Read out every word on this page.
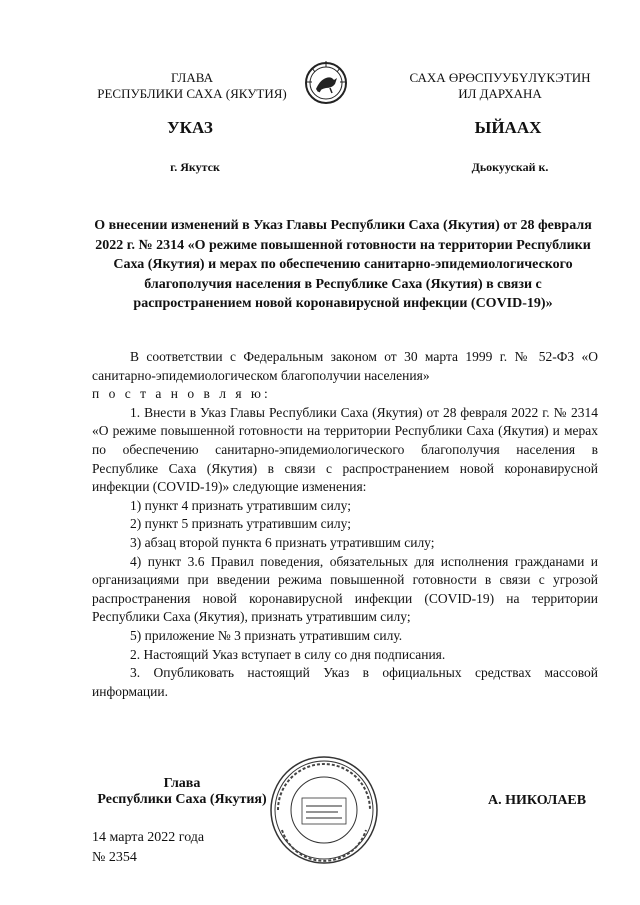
ГЛАВА
РЕСПУБЛИКИ САХА (ЯКУТИЯ)
САХА ӨРӨСПУУБҮЛҮКЭТИН
ИЛ ДАРХАНА
УКАЗ	ЫЙААХ
г. Якутск	Дьокуускай к.
О внесении изменений в Указ Главы Республики Саха (Якутия) от 28 февраля 2022 г. № 2314 «О режиме повышенной готовности на территории Республики Саха (Якутия) и мерах по обеспечению санитарно-эпидемиологического благополучия населения в Республике Саха (Якутия) в связи с распространением новой коронавирусной инфекции (COVID-19)»

В соответствии с Федеральным законом от 30 марта 1999 г. № 52-ФЗ «О санитарно-эпидемиологическом благополучии населения»

п о с т а н о в л я ю:

1. Внести в Указ Главы Республики Саха (Якутия) от 28 февраля 2022 г. № 2314 «О режиме повышенной готовности на территории Республики Саха (Якутия) и мерах по обеспечению санитарно-эпидемиологического благополучия населения в Республике Саха (Якутия) в связи с распространением новой коронавирусной инфекции (COVID-19)» следующие изменения:

1) пункт 4 признать утратившим силу;

2) пункт 5 признать утратившим силу;

3) абзац второй пункта 6 признать утратившим силу;

4) пункт 3.6 Правил поведения, обязательных для исполнения гражданами и организациями при введении режима повышенной готовности в связи с угрозой распространения новой коронавирусной инфекции (COVID-19) на территории Республики Саха (Якутия), признать утратившим силу;

5) приложение № 3 признать утратившим силу.

2. Настоящий Указ вступает в силу со дня подписания.

3. Опубликовать настоящий Указ в официальных средствах массовой информации.

Глава
Республики Саха (Якутия)	А. НИКОЛАЕВ
14 марта 2022 года
№ 2354
